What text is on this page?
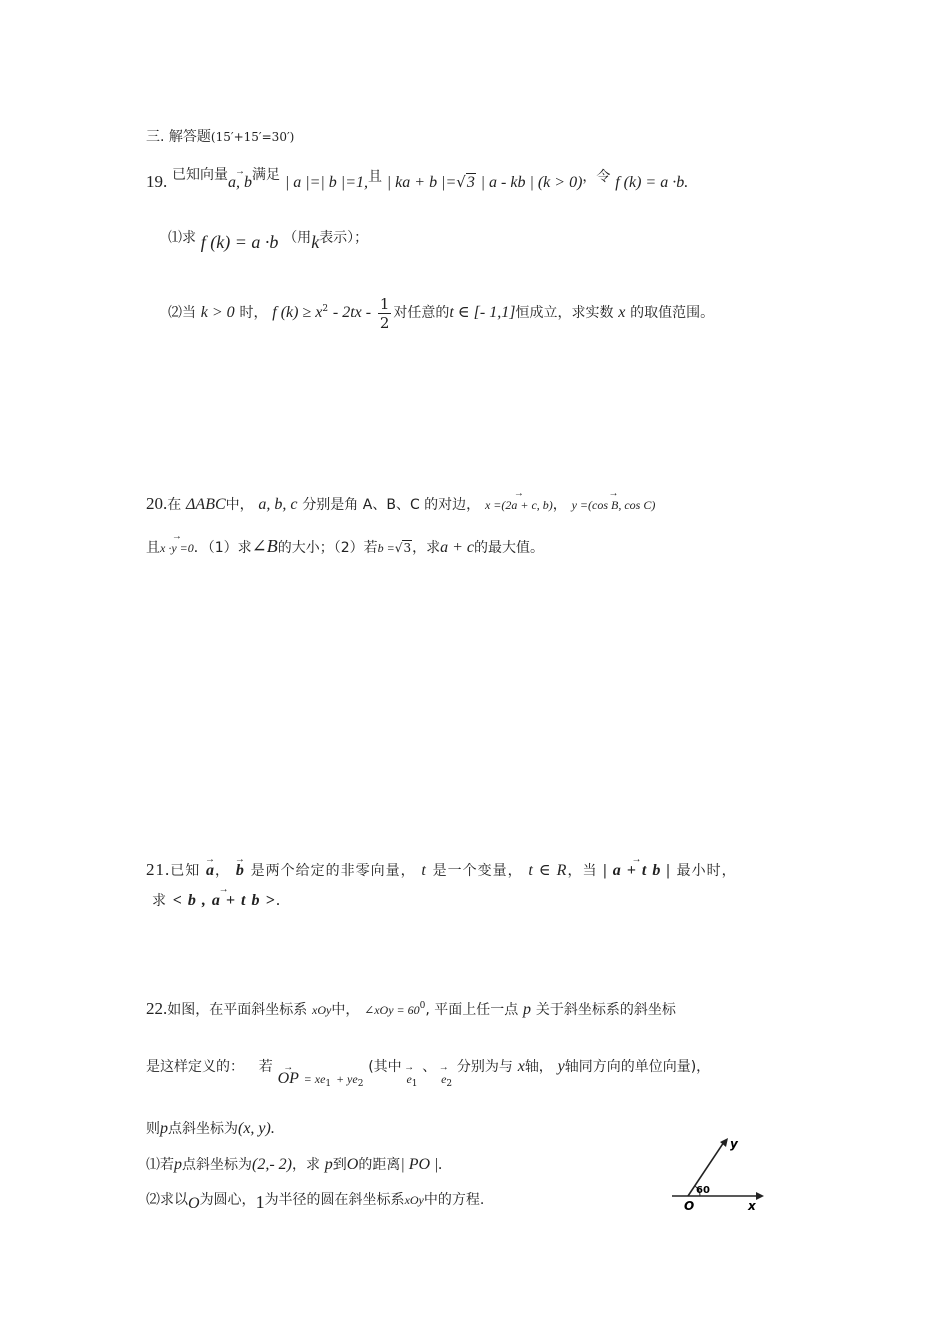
三. 解答题(15′+15′=30′)
19. 已知向量→ a, b满足 | a |=| b |=1,且 | ka + b |=√3 | a - kb | (k > 0)，令 f (k) = a ·b.
⑴求 f (k) = a ·b （用k表示）；
⑵当 k > 0 时， f $(k) \ge x^2 - 2tx - \frac{1}{2}$ 对任意的t ∈ [- 1,1]恒成立，求实数 x 的取值范围。
20.在 ΔABC中， a, b, c 分别是角 A、B、C 的对边， → x =(2a + c, b)， → y =(cos B, cos C)
且→ x ·y =0．（1）求∠B的大小；（2）若b =√3，求a + c的最大值。
21.已知 → a， → b 是两个给定的非零向量， t 是一个变量， t ∈ R，当 → | a + t b | 最小时，
求 → < b , a + t b >.
22.如图，在平面斜坐标系 xOy中， ∠xOy = $60^0$, 平面上任一点 p 关于斜坐标系的斜坐标
是这样定义的： 若 → OP $_{= xe1}$ $_{+ ye2}$ (其中 → $e_1$ 、 → $e_2$ 分别为与 x轴， y轴同方向的单位向量)，
则p点斜坐标为(x, y).
⑴若p点斜坐标为(2,- 2)，求 p到O的距离| PO |.
⑵求以O为圆心，1为半径的圆在斜坐标系xOy中的方程.
y
x
O
60
